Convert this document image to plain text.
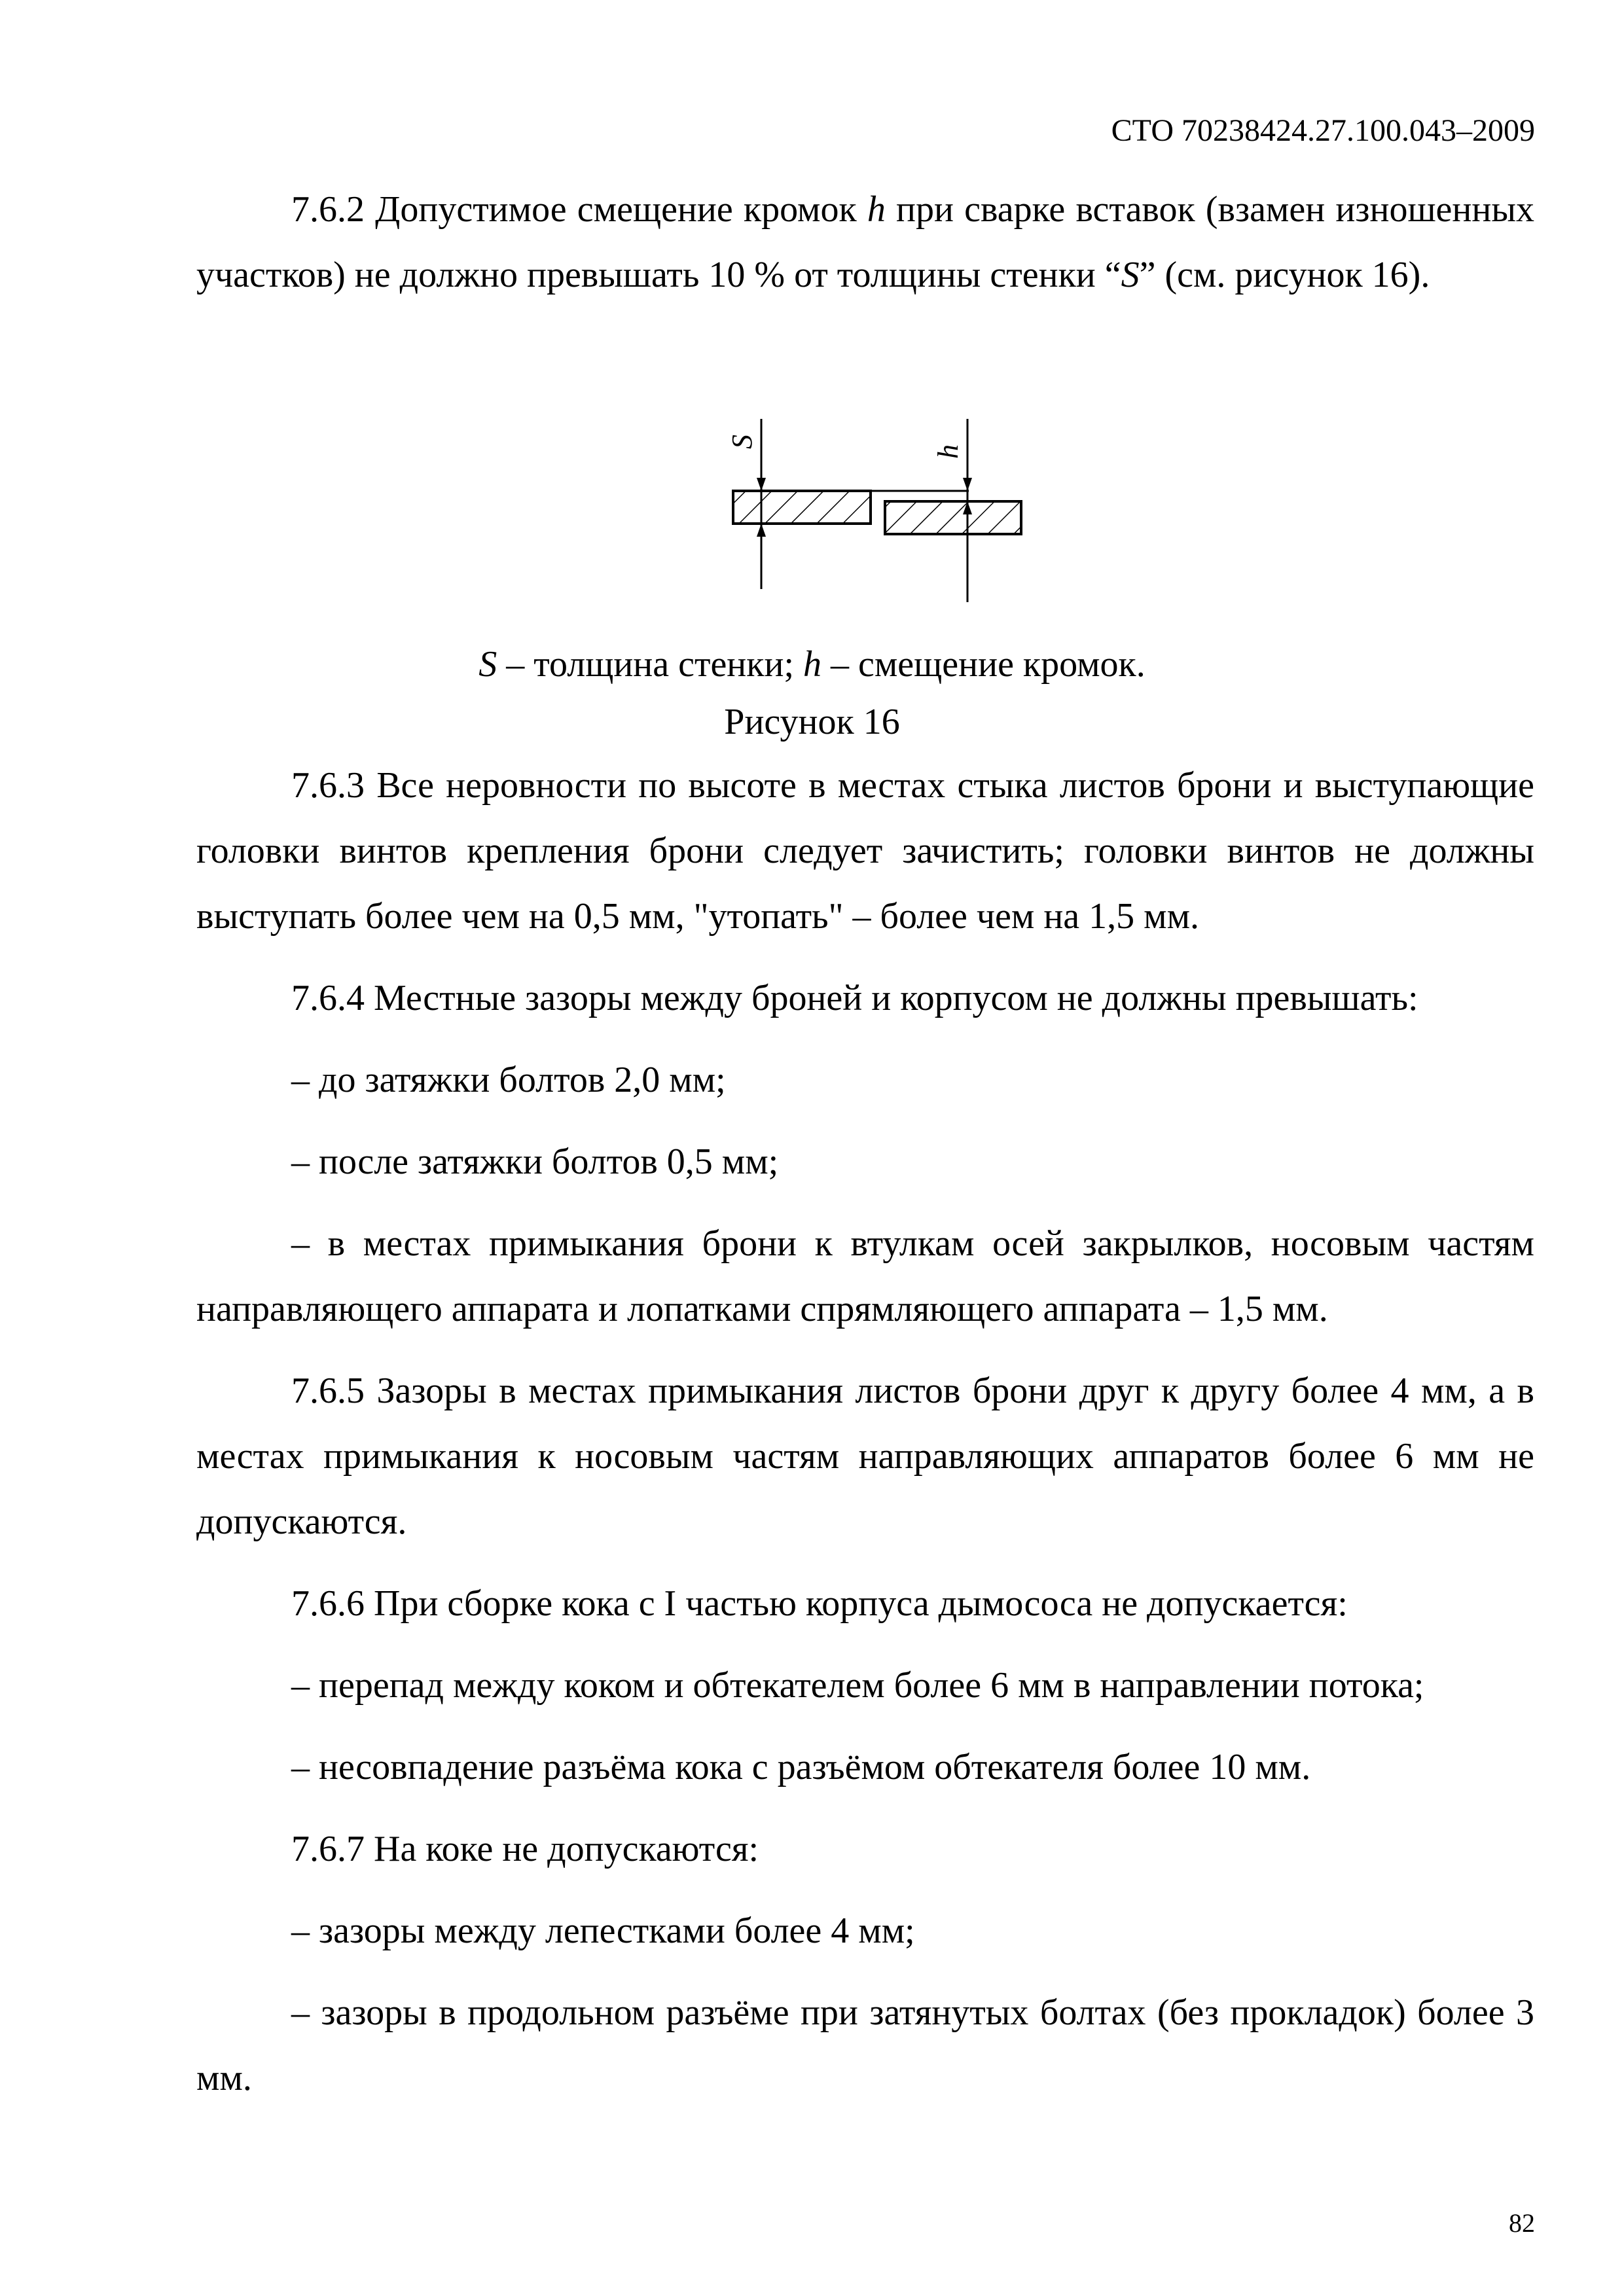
СТО 70238424.27.100.043–2009
7.6.2 Допустимое смещение кромок h при сварке вставок (взамен изношенных участков) не должно превышать 10 % от толщины стенки “S” (см. рисунок 16).
S
h
S – толщина стенки; h – смещение кромок.
Рисунок 16
7.6.3 Все неровности по высоте в местах стыка листов брони и выступающие головки винтов крепления брони следует зачистить; головки винтов не должны выступать более чем на 0,5 мм, "утопать" – более чем на 1,5 мм.
7.6.4 Местные зазоры между броней и корпусом не должны превышать:
– до затяжки болтов 2,0 мм;
– после затяжки болтов 0,5 мм;
– в местах примыкания брони к втулкам осей закрылков, носовым частям направляющего аппарата и лопатками спрямляющего аппарата – 1,5 мм.
7.6.5 Зазоры в местах примыкания листов брони друг к другу более 4 мм, а в местах примыкания к носовым частям направляющих аппаратов более 6 мм не допускаются.
7.6.6 При сборке кока с I частью корпуса дымососа не допускается:
– перепад между коком и обтекателем более 6 мм в направлении потока;
– несовпадение разъёма кока с разъёмом обтекателя более 10 мм.
7.6.7 На коке не допускаются:
– зазоры между лепестками более 4 мм;
– зазоры в продольном разъёме при затянутых болтах (без прокладок) более 3 мм.
82
